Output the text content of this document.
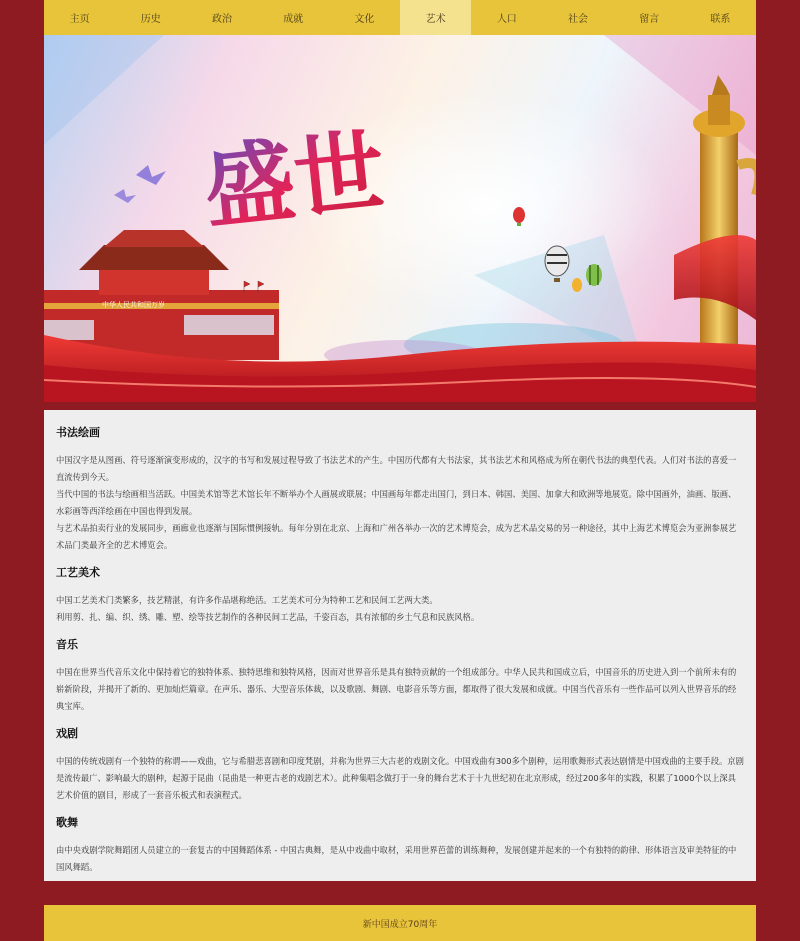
主页	历史	政治	成就	文化	艺术	人口	社会	留言	联系
盛世
中华人民共和国万岁
书法绘画

中国汉字是从图画、符号逐渐演变形成的，汉字的书写和发展过程导致了书法艺术的产生。中国历代都有大书法家，其书法艺术和风格成为所在朝代书法的典型代表。人们对书法的喜爱一直流传到今天。
当代中国的书法与绘画相当活跃。中国美术馆等艺术馆长年不断举办个人画展或联展；中国画每年都走出国门，到日本、韩国、美国、加拿大和欧洲等地展览。除中国画外，油画、版画、水彩画等西洋绘画在中国也得到发展。
与艺术品拍卖行业的发展同步，画廊业也逐渐与国际惯例接轨。每年分别在北京、上海和广州各举办一次的艺术博览会，成为艺术品交易的另一种途径，其中上海艺术博览会为亚洲参展艺术品门类最齐全的艺术博览会。

工艺美术

中国工艺美术门类繁多，技艺精湛，有许多作品堪称绝活。工艺美术可分为特种工艺和民间工艺两大类。
利用剪、扎、编、织、绣、雕、塑、绘等技艺制作的各种民间工艺品，千姿百态，具有浓郁的乡土气息和民族风格。

音乐

中国在世界当代音乐文化中保持着它的独特体系、独特思维和独特风格，因而对世界音乐是具有独特贡献的一个组成部分。中华人民共和国成立后，中国音乐的历史进入到一个前所未有的崭新阶段，并揭开了新的、更加灿烂篇章。在声乐、器乐、大型音乐体裁，以及歌剧、舞剧、电影音乐等方面，都取得了很大发展和成就。中国当代音乐有一些作品可以列入世界音乐的经典宝库。

戏剧

中国的传统戏剧有一个独特的称谓——戏曲，它与希腊悲喜剧和印度梵剧，并称为世界三大古老的戏剧文化。中国戏曲有300多个剧种，运用歌舞形式表达剧情是中国戏曲的主要手段。京剧是流传最广、影响最大的剧种，起源于昆曲（昆曲是一种更古老的戏剧艺术）。此种集唱念做打于一身的舞台艺术于十九世纪初在北京形成，经过200多年的实践，积累了1000个以上深具艺术价值的剧目，形成了一套音乐板式和表演程式。

歌舞

由中央戏剧学院舞蹈团人员建立的一套复古的中国舞蹈体系 - 中国古典舞，是从中戏曲中取材，采用世界芭蕾的训练舞种，发展创建并起来的一个有独特的韵律、形体语言及审美特征的中国风舞蹈。

新中国成立70周年
